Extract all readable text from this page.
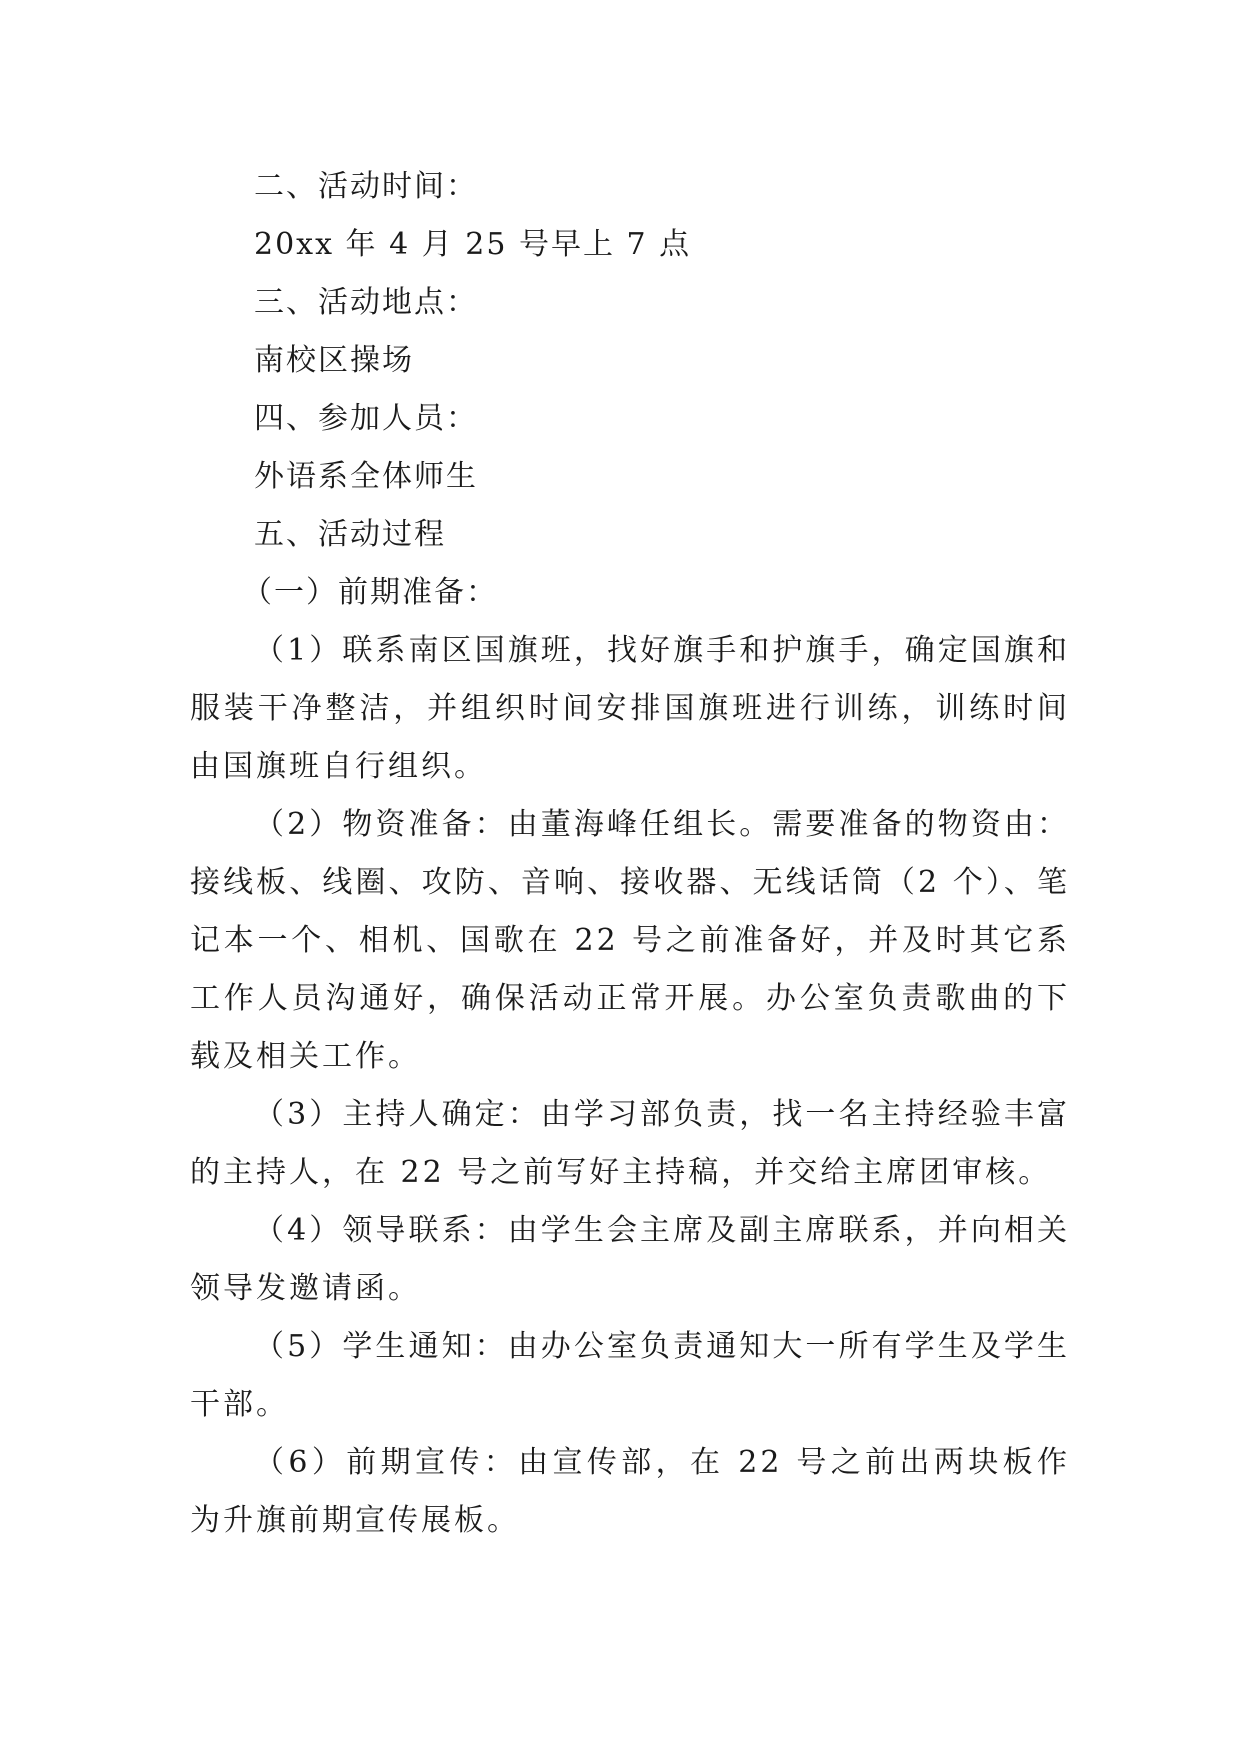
二、活动时间：
20xx 年 4 月 25 号早上 7 点
三、活动地点：
南校区操场
四、参加人员：
外语系全体师生
五、活动过程
（一）前期准备：

（1）联系南区国旗班，找好旗手和护旗手，确定国旗和服装干净整洁，并组织时间安排国旗班进行训练，训练时间由国旗班自行组织。

（2）物资准备：由董海峰任组长。需要准备的物资由：接线板、线圈、攻防、音响、接收器、无线话筒（2 个）、笔记本一个、相机、国歌在 22 号之前准备好，并及时其它系工作人员沟通好，确保活动正常开展。办公室负责歌曲的下载及相关工作。

（3）主持人确定：由学习部负责，找一名主持经验丰富的主持人，在 22 号之前写好主持稿，并交给主席团审核。

（4）领导联系：由学生会主席及副主席联系，并向相关领导发邀请函。

（5）学生通知：由办公室负责通知大一所有学生及学生干部。

（6）前期宣传：由宣传部，在 22 号之前出两块板作为升旗前期宣传展板。
